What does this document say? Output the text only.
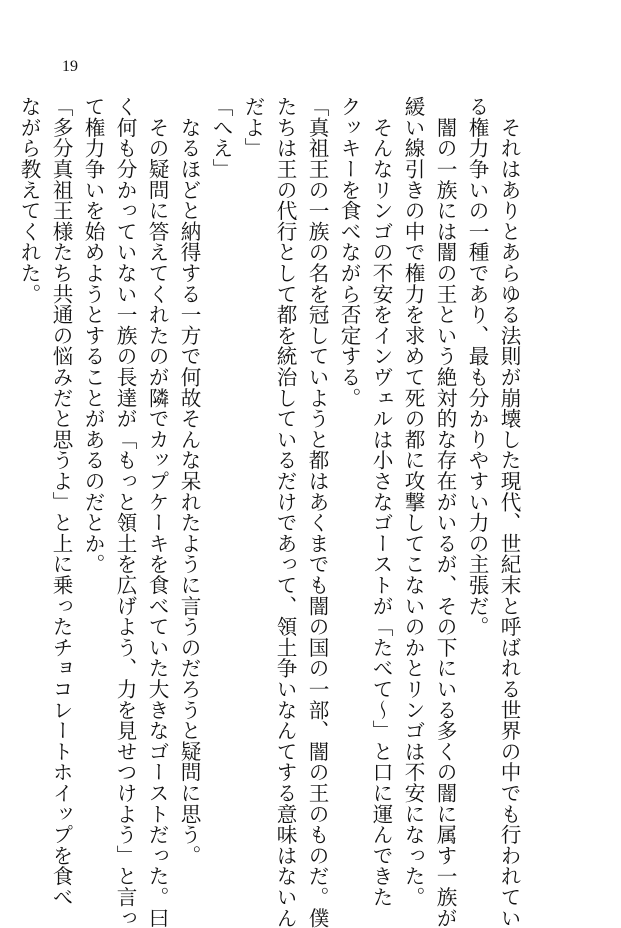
19
　それはありとあらゆる法則が崩壊した現代、世紀末と呼ばれる世界の中でも行われてい
る権力争いの一種であり、最も分かりやすい力の主張だ。
　闇の一族には闇の王という絶対的な存在がいるが、その下にいる多くの闇に属す一族が
緩い線引きの中で権力を求めて死の都に攻撃してこないのかとリンゴは不安になった。
　そんなリンゴの不安をインヴェルは小さなゴーストが「たべて〜」と口に運んできた
クッキーを食べながら否定する。
「真祖王の一族の名を冠していようと都はあくまでも闇の国の一部、闇の王のものだ。僕
たちは王の代行として都を統治しているだけであって、領土争いなんてする意味はないん
だよ」
「へえ」
　なるほどと納得する一方で何故そんな呆れたように言うのだろうと疑問に思う。
　その疑問に答えてくれたのが隣でカップケーキを食べていた大きなゴーストだった。曰
く何も分かっていない一族の長達が「もっと領土を広げよう、力を見せつけよう」と言っ
て権力争いを始めようとすることがあるのだとか。
「多分真祖王様たち共通の悩みだと思うよ」と上に乗ったチョコレートホイップを食べ
ながら教えてくれた。
